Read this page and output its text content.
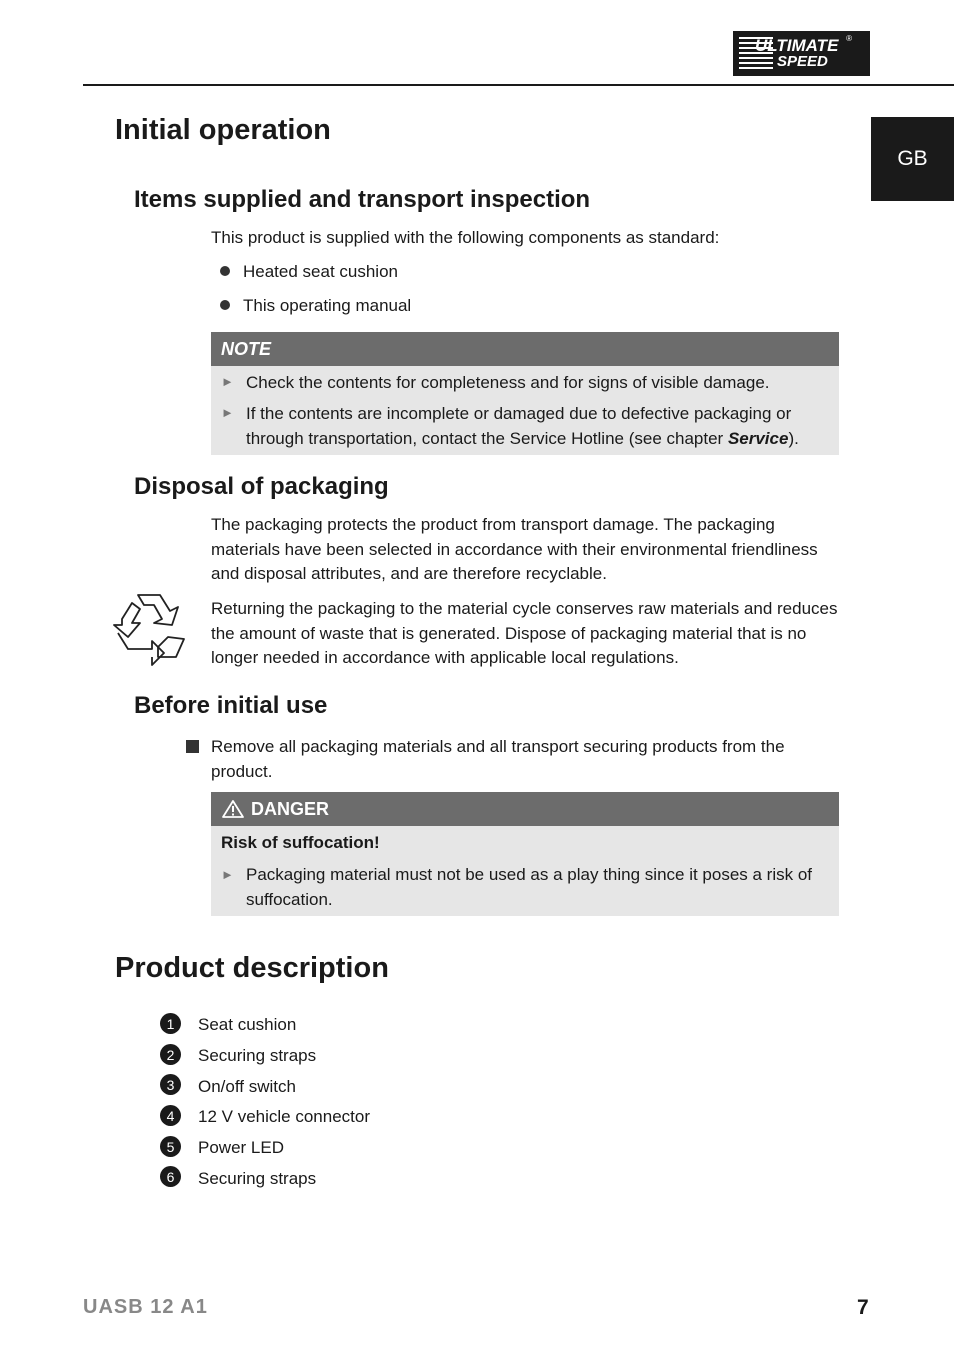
ULTIMATE
SPEED
®
GB
Initial operation
Items supplied and transport inspection
This product is supplied with the following components as standard:
Heated seat cushion
This operating manual
NOTE
► Check the contents for completeness and for signs of visible damage.
► If the contents are incomplete or damaged due to defective packaging or
through transportation, contact the Service Hotline (see chapter Service).
Disposal of packaging
The packaging protects the product from transport damage. The packaging materials have been selected in accordance with their environmental friendliness and disposal attributes, and are therefore recyclable.
Returning the packaging to the material cycle conserves raw materials and reduces the amount of waste that is generated. Dispose of packaging material that is no longer needed in accordance with applicable local regulations.
Before initial use
Remove all packaging materials and all transport securing products from the product.
DANGER
Risk of suffocation!
► Packaging material must not be used as a play thing since it poses a risk of suffocation.
Product description
1	Seat cushion
2	Securing straps
3	On/off switch
4	12 V vehicle connector
5	Power LED
6	Securing straps
UASB 12 A1	7
